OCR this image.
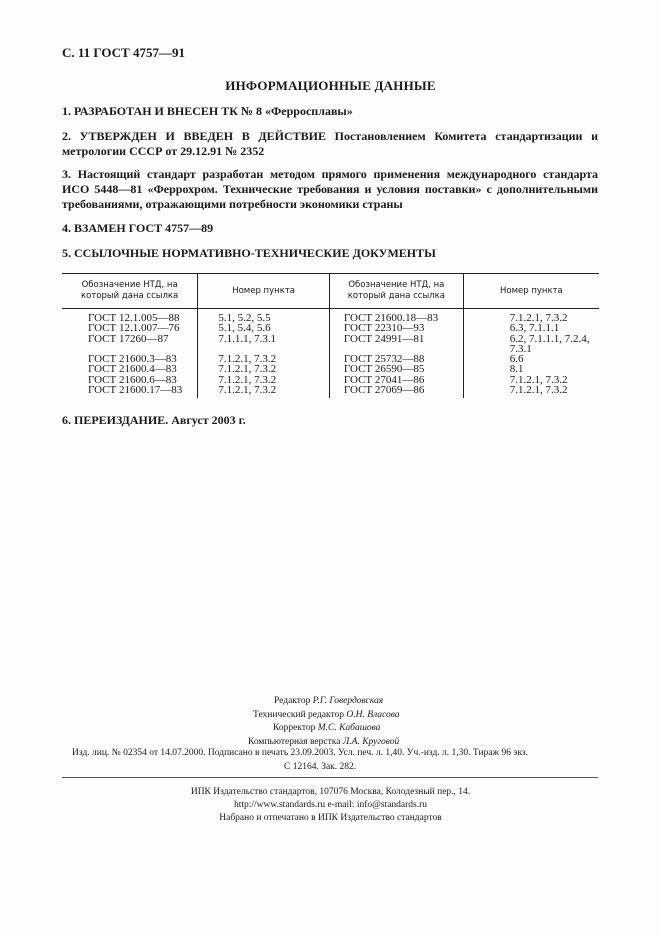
С. 11 ГОСТ 4757—91
ИНФОРМАЦИОННЫЕ ДАННЫЕ
1. РАЗРАБОТАН И ВНЕСЕН ТК № 8 «Ферросплавы»
2. УТВЕРЖДЕН И ВВЕДЕН В ДЕЙСТВИЕ Постановлением Комитета стандартизации и метрологии СССР от 29.12.91 № 2352
3. Настоящий стандарт разработан методом прямого применения международного стандарта ИСО 5448—81 «Феррохром. Технические требования и условия поставки» с дополнительными требованиями, отражающими потребности экономики страны
4. ВЗАМЕН ГОСТ 4757—89
5. ССЫЛОЧНЫЕ НОРМАТИВНО-ТЕХНИЧЕСКИЕ ДОКУМЕНТЫ
Обозначение НТД, на который дана ссылка	Номер пункта	Обозначение НТД, на который дана ссылка	Номер пункта
ГОСТ 12.1.005—88	5.1, 5.2, 5.5	ГОСТ 21600.18—83	7.1.2.1, 7.3.2
ГОСТ 12.1.007—76	5.1, 5.4, 5.6	ГОСТ 22310—93	6.3, 7.1.1.1
ГОСТ 17260—87	7.1.1.1, 7.3.1	ГОСТ 24991—81	6.2, 7.1.1.1, 7.2.4, 7.3.1
ГОСТ 21600.3—83	7.1.2.1, 7.3.2	ГОСТ 25732—88	6.6
ГОСТ 21600.4—83	7.1.2.1, 7.3.2	ГОСТ 26590—85	8.1
ГОСТ 21600.6—83	7.1.2.1, 7.3.2	ГОСТ 27041—86	7.1.2.1, 7.3.2
ГОСТ 21600.17—83	7.1.2.1, 7.3.2	ГОСТ 27069—86	7.1.2.1, 7.3.2
6. ПЕРЕИЗДАНИЕ. Август 2003 г.
Редактор Р.Г. Говердовская
Технический редактор О.Н. Власова
Корректор М.С. Кабашова
Компьютерная верстка Л.А. Круговой
Изд. лиц. № 02354 от 14.07.2000. Подписано в печать 23.09.2003. Усл. печ. л. 1,40. Уч.-изд. л. 1,30. Тираж 96 экз.
С 12164. Зак. 282.
ИПК Издательство стандартов, 107076 Москва, Колодезный пер., 14.
http://www.standards.ru e-mail: info@standards.ru
Набрано и отпечатано в ИПК Издательство стандартов
